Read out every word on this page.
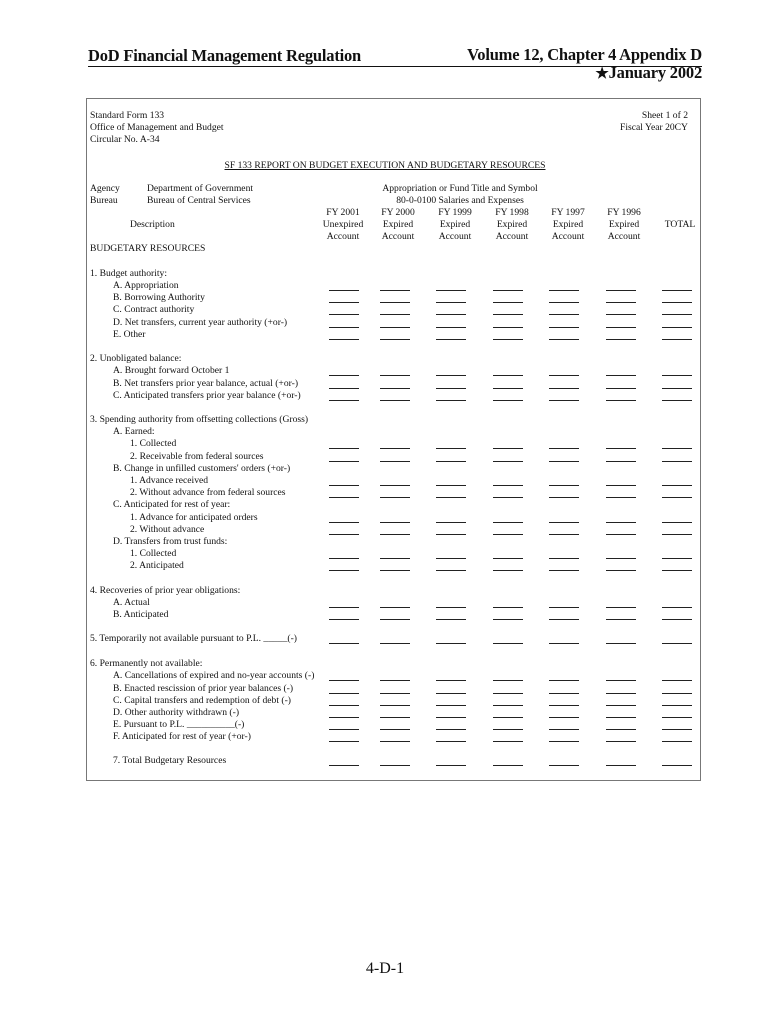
DoD Financial Management Regulation	Volume 12, Chapter 4 Appendix D
★January 2002
Standard Form 133
Office of Management and Budget
Circular No. A-34
Sheet 1 of 2
Fiscal Year 20CY
SF 133 REPORT ON BUDGET EXECUTION AND BUDGETARY RESOURCES
Agency
Bureau
Department of Government
Bureau of Central Services
Appropriation or Fund Title and Symbol
80-0-0100 Salaries and Expenses
Description
BUDGETARY RESOURCES
FY 2001
Unexpired
Account
FY 2000
Expired
Account
FY 1999
Expired
Account
FY 1998
Expired
Account
FY 1997
Expired
Account
FY 1996
Expired
Account
TOTAL
1. Budget authority:
A. Appropriation
B. Borrowing Authority
C. Contract authority
D. Net transfers, current year authority (+or-)
E. Other
2. Unobligated balance:
A. Brought forward October 1
B. Net transfers prior year balance, actual (+or-)
C. Anticipated transfers prior year balance (+or-)
3. Spending authority from offsetting collections (Gross)
A. Earned:
1. Collected
2. Receivable from federal sources
B. Change in unfilled customers' orders (+or-)
1. Advance received
2. Without advance from federal sources
C. Anticipated for rest of year:
1. Advance for anticipated orders
2. Without advance
D. Transfers from trust funds:
1. Collected
2. Anticipated
4. Recoveries of prior year obligations:
A. Actual
B. Anticipated
5. Temporarily not available pursuant to P.L. _____(-)
6. Permanently not available:
A. Cancellations of expired and no-year accounts (-)
B. Enacted rescission of prior year balances (-)
C. Capital transfers and redemption of debt (-)
D. Other authority withdrawn (-)
E. Pursuant to P.L. __________(-)
F. Anticipated for rest of year (+or-)
7. Total Budgetary Resources
4-D-1
